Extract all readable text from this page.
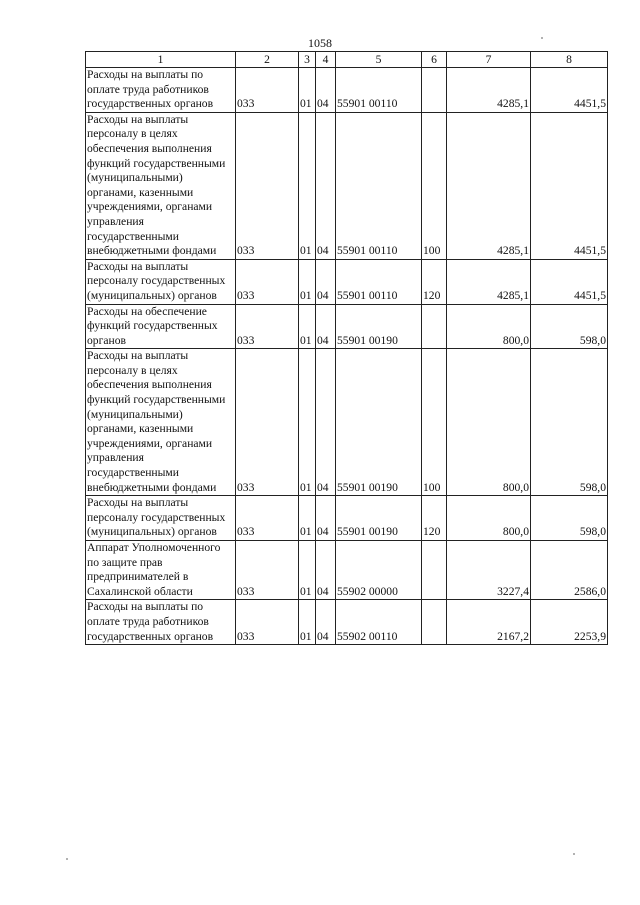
1058
1	2	3	4	5	6	7	8
Расходы на выплаты по оплате труда работников государственных органов	033	01	04	55901 00110		4285,1	4451,5
Расходы на выплаты персоналу в целях обеспечения выполнения функций государственными (муниципальными) органами, казенными учреждениями, органами управления государственными внебюджетными фондами	033	01	04	55901 00110	100	4285,1	4451,5
Расходы на выплаты персоналу государственных (муниципальных) органов	033	01	04	55901 00110	120	4285,1	4451,5
Расходы на обеспечение функций государственных органов	033	01	04	55901 00190		800,0	598,0
Расходы на выплаты персоналу в целях обеспечения выполнения функций государственными (муниципальными) органами, казенными учреждениями, органами управления государственными внебюджетными фондами	033	01	04	55901 00190	100	800,0	598,0
Расходы на выплаты персоналу государственных (муниципальных) органов	033	01	04	55901 00190	120	800,0	598,0
Аппарат Уполномоченного по защите прав предпринимателей в Сахалинской области	033	01	04	55902 00000		3227,4	2586,0
Расходы на выплаты по оплате труда работников государственных органов	033	01	04	55902 00110		2167,2	2253,9
